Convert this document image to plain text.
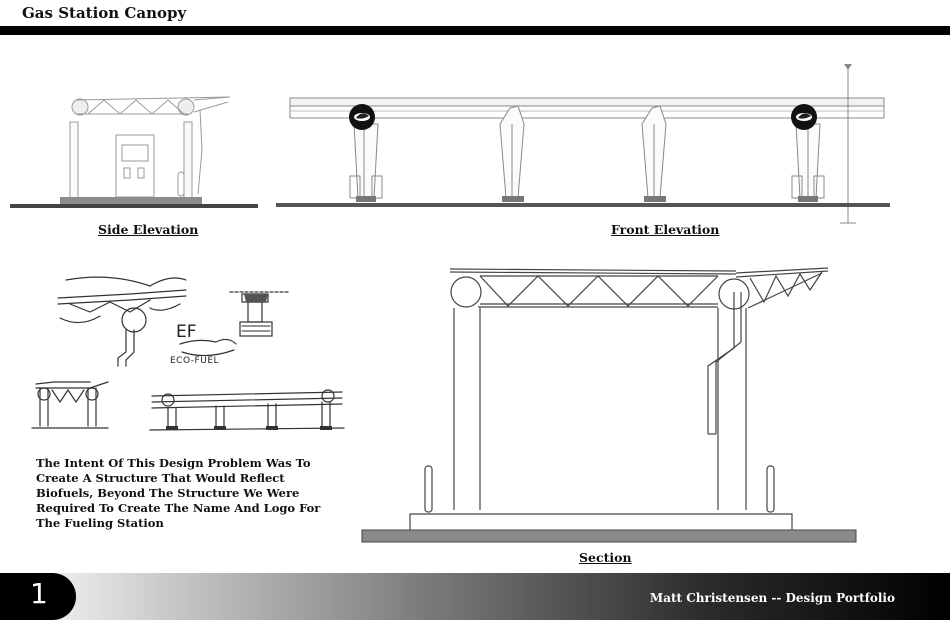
Gas Station Canopy
Side Elevation	Front Elevation
EF
ECO-FUEL
The Intent Of This Design Problem Was To Create A Structure That Would Reflect Biofuels, Beyond The Structure We Were Required To Create The Name And Logo For The Fueling Station
Section
1	Matt Christensen -- Design Portfolio
